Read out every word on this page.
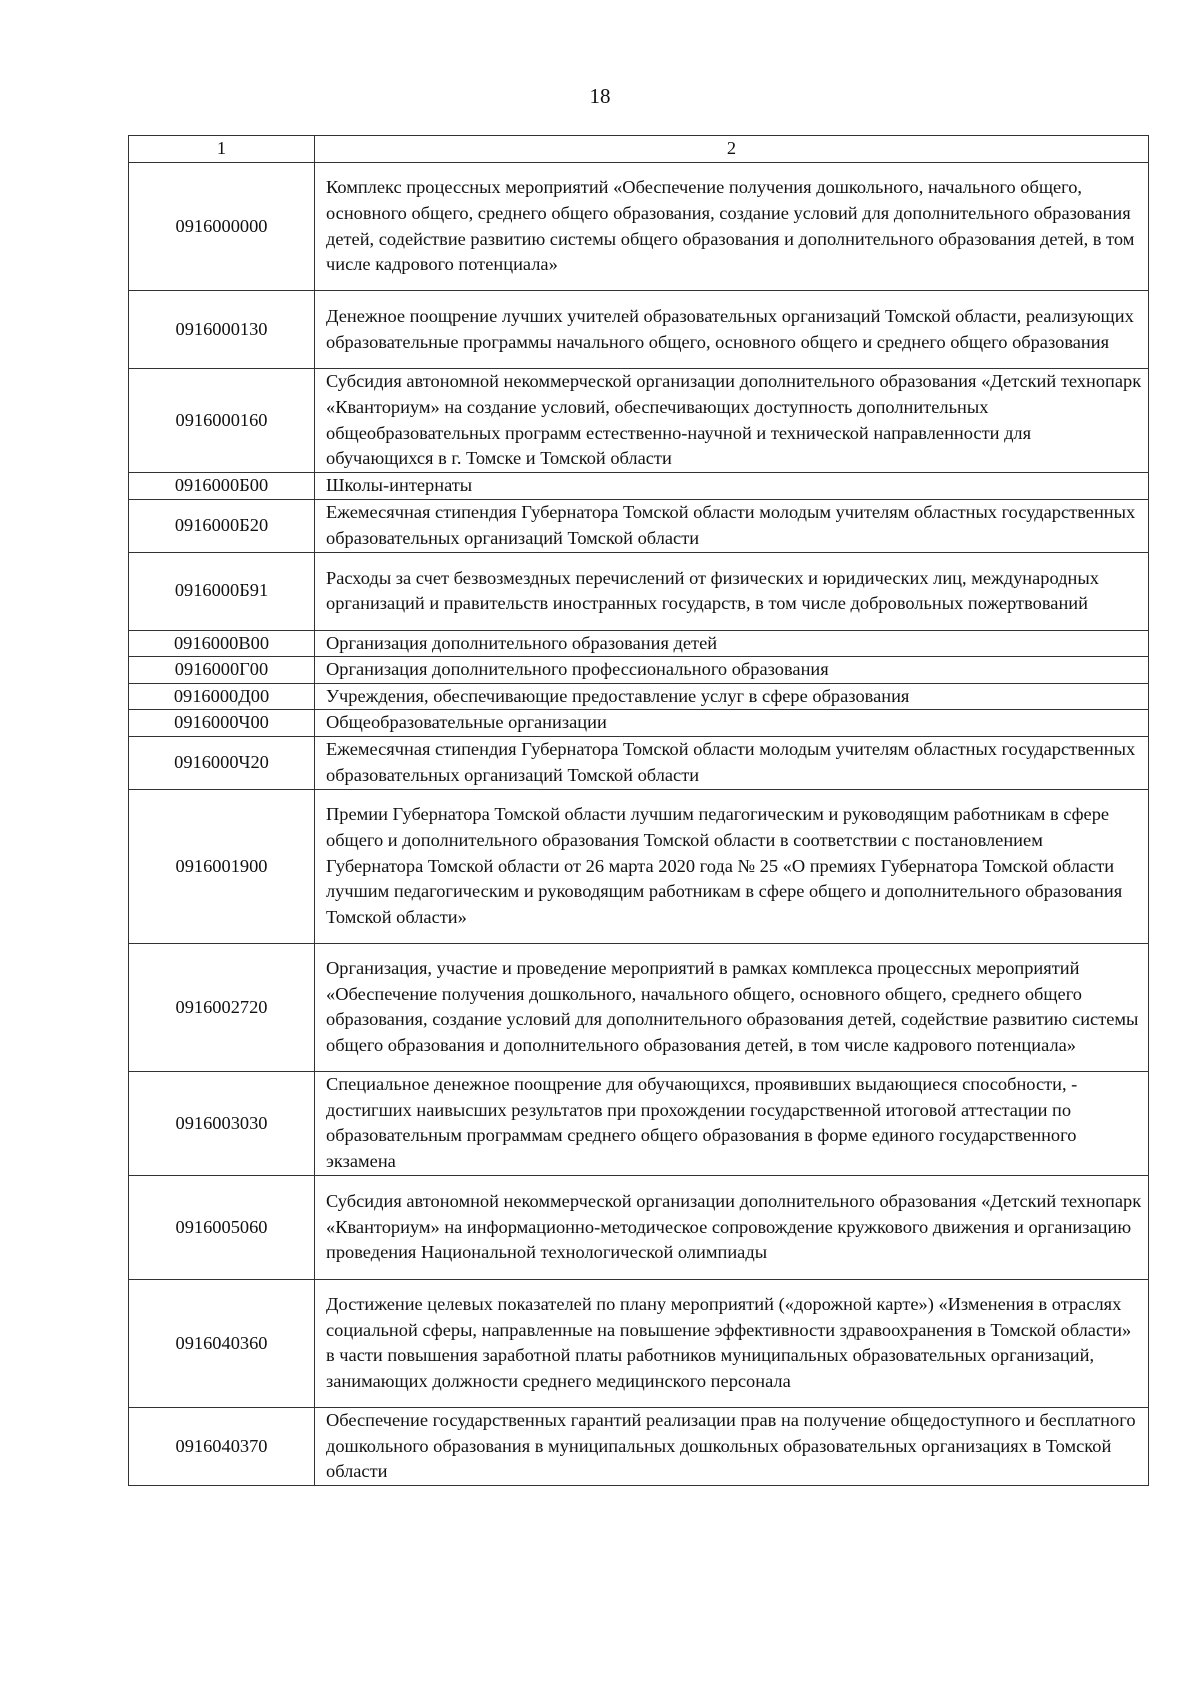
18
1	2
0916000000	Комплекс процессных мероприятий «Обеспечение получения дошкольного, начального общего, основного общего, среднего общего образования, создание условий для дополнительного образования детей, содействие развитию системы общего образования и дополнительного образования детей, в том числе кадрового потенциала»
0916000130	Денежное поощрение лучших учителей образовательных организаций Томской области, реализующих образовательные программы начального общего, основного общего и среднего общего образования
0916000160	Субсидия автономной некоммерческой организации дополнительного образования «Детский технопарк «Кванториум» на создание условий, обеспечивающих доступность дополнительных общеобразовательных программ естественно-научной и технической направленности для обучающихся в г. Томске и Томской области
0916000Б00	Школы-интернаты
0916000Б20	Ежемесячная стипендия Губернатора Томской области молодым учителям областных государственных образовательных организаций Томской области
0916000Б91	Расходы за счет безвозмездных перечислений от физических и юридических лиц, международных организаций и правительств иностранных государств, в том числе добровольных пожертвований
0916000В00	Организация дополнительного образования детей
0916000Г00	Организация дополнительного профессионального образования
0916000Д00	Учреждения, обеспечивающие предоставление услуг в сфере образования
0916000Ч00	Общеобразовательные организации
0916000Ч20	Ежемесячная стипендия Губернатора Томской области молодым учителям областных государственных образовательных организаций Томской области
0916001900	Премии Губернатора Томской области лучшим педагогическим и руководящим работникам в сфере общего и дополнительного образования Томской области в соответствии с постановлением Губернатора Томской области от 26 марта 2020 года № 25 «О премиях Губернатора Томской области лучшим педагогическим и руководящим работникам в сфере общего и дополнительного образования Томской области»
0916002720	Организация, участие и проведение мероприятий в рамках комплекса процессных мероприятий «Обеспечение получения дошкольного, начального общего, основного общего, среднего общего образования, создание условий для дополнительного образования детей, содействие развитию системы общего образования и дополнительного образования детей, в том числе кадрового потенциала»
0916003030	Специальное денежное поощрение для обучающихся, проявивших выдающиеся способности, - достигших наивысших результатов при прохождении государственной итоговой аттестации по образовательным программам среднего общего образования в форме единого государственного экзамена
0916005060	Субсидия автономной некоммерческой организации дополнительного образования «Детский технопарк «Кванториум» на информационно-методическое сопровождение кружкового движения и организацию проведения Национальной технологической олимпиады
0916040360	Достижение целевых показателей по плану мероприятий («дорожной карте») «Изменения в отраслях социальной сферы, направленные на повышение эффективности здравоохранения в Томской области» в части повышения заработной платы работников муниципальных образовательных организаций, занимающих должности среднего медицинского персонала
0916040370	Обеспечение государственных гарантий реализации прав на получение общедоступного и бесплатного дошкольного образования в муниципальных дошкольных образовательных организациях в Томской области
